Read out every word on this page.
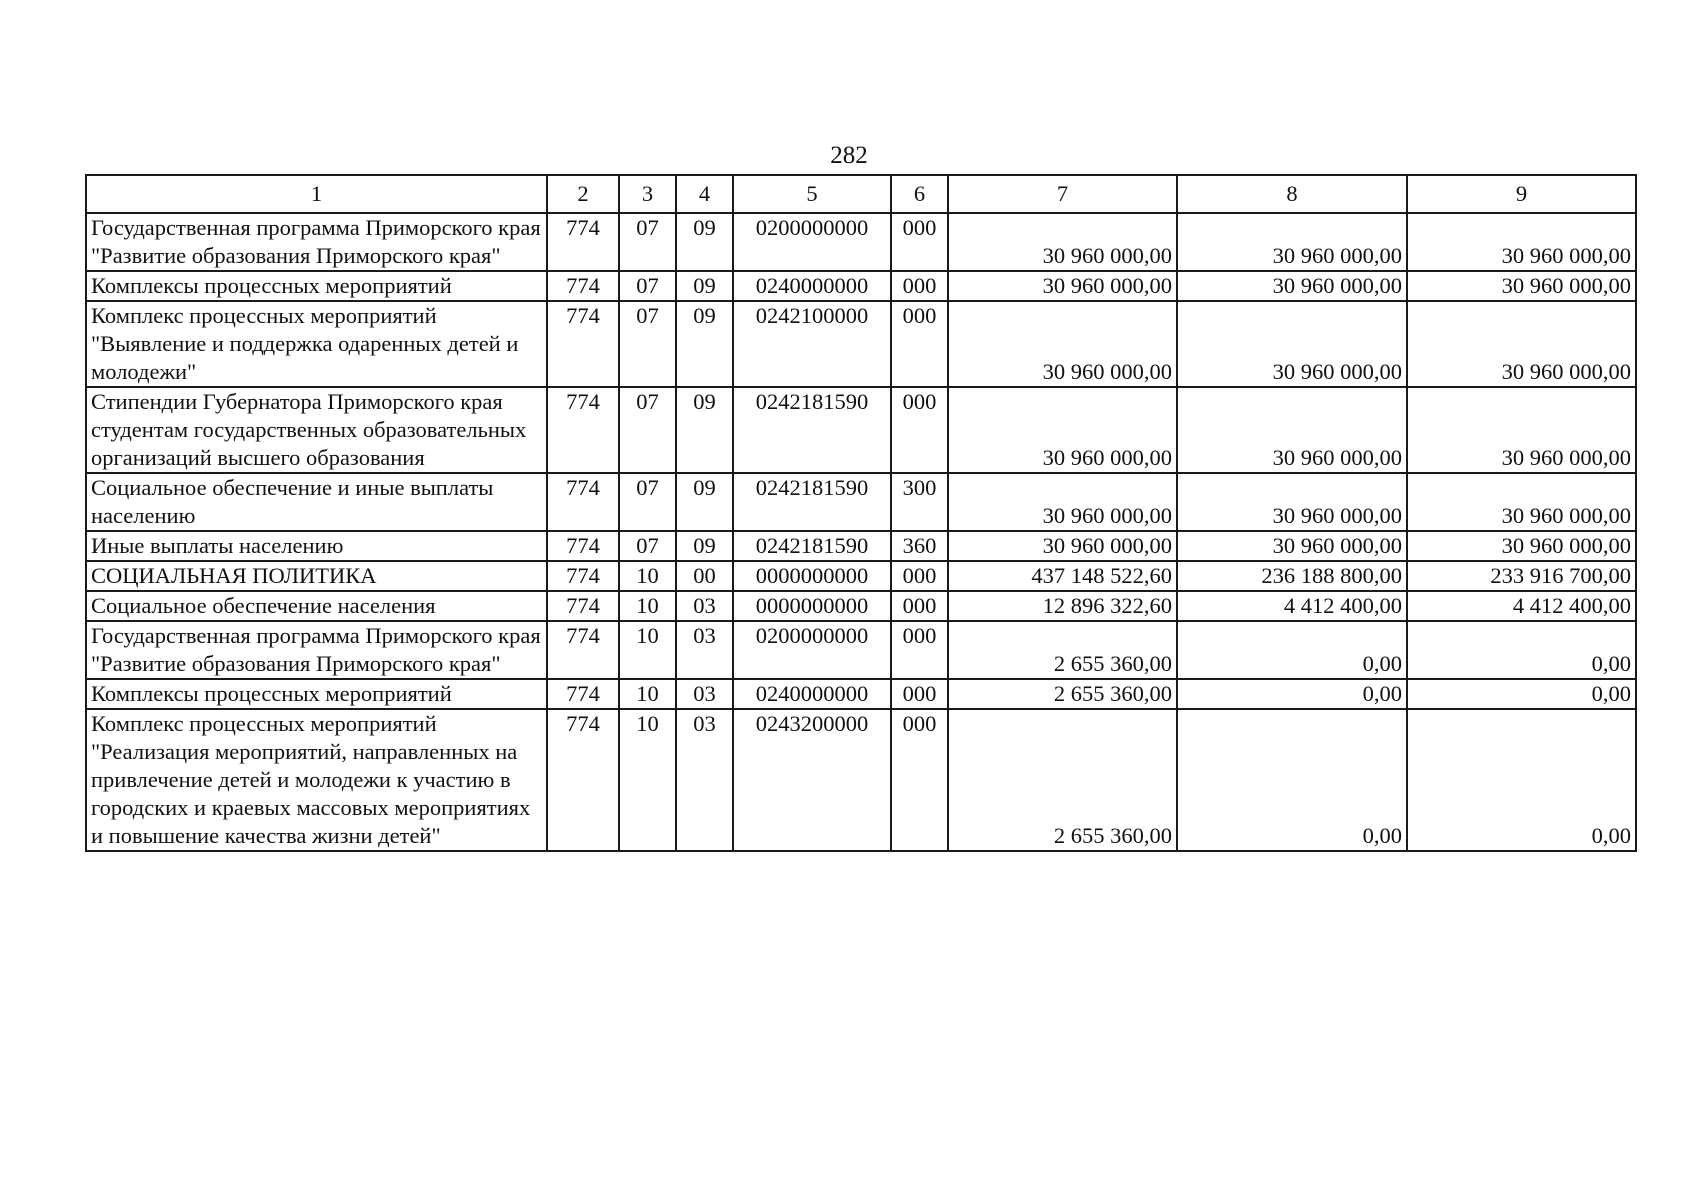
282
1	2	3	4	5	6	7	8	9
Государственная программа Приморского края "Развитие образования Приморского края"	774	07	09	0200000000	000	30 960 000,00	30 960 000,00	30 960 000,00
Комплексы процессных мероприятий	774	07	09	0240000000	000	30 960 000,00	30 960 000,00	30 960 000,00
Комплекс процессных мероприятий "Выявление и поддержка одаренных детей и молодежи"	774	07	09	0242100000	000	30 960 000,00	30 960 000,00	30 960 000,00
Стипендии Губернатора Приморского края студентам государственных образовательных организаций высшего образования	774	07	09	0242181590	000	30 960 000,00	30 960 000,00	30 960 000,00
Социальное обеспечение и иные выплаты населению	774	07	09	0242181590	300	30 960 000,00	30 960 000,00	30 960 000,00
Иные выплаты населению	774	07	09	0242181590	360	30 960 000,00	30 960 000,00	30 960 000,00
СОЦИАЛЬНАЯ ПОЛИТИКА	774	10	00	0000000000	000	437 148 522,60	236 188 800,00	233 916 700,00
Социальное обеспечение населения	774	10	03	0000000000	000	12 896 322,60	4 412 400,00	4 412 400,00
Государственная программа Приморского края "Развитие образования Приморского края"	774	10	03	0200000000	000	2 655 360,00	0,00	0,00
Комплексы процессных мероприятий	774	10	03	0240000000	000	2 655 360,00	0,00	0,00
Комплекс процессных мероприятий "Реализация мероприятий, направленных на привлечение детей и молодежи к участию в городских и краевых массовых мероприятиях и повышение качества жизни детей"	774	10	03	0243200000	000	2 655 360,00	0,00	0,00
